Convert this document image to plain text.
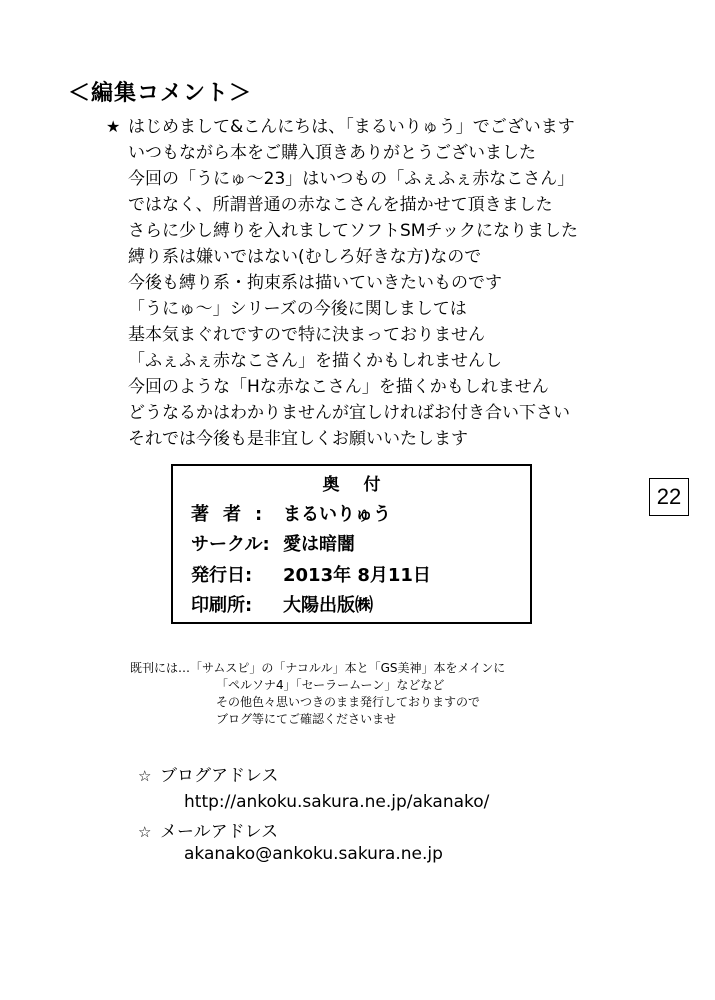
＜編集コメント＞
★ はじめまして&こんにちは、「まるいりゅう」でございます
いつもながら本をご購入頂きありがとうございました
今回の「うにゅ〜23」はいつもの「ふぇふぇ赤なこさん」
ではなく、所謂普通の赤なこさんを描かせて頂きました
さらに少し縛りを入れましてソフトSMチックになりました
縛り系は嫌いではない(むしろ好きな方)なので
今後も縛り系・拘束系は描いていきたいものです
「うにゅ〜」シリーズの今後に関しましては
基本気まぐれですので特に決まっておりません
「ふぇふぇ赤なこさん」を描くかもしれませんし
今回のような「Hな赤なこさん」を描くかもしれません
どうなるかはわかりませんが宜しければお付き合い下さい
それでは今後も是非宜しくお願いいたします
奥付
著者: まるいりゅう
サークル: 愛は暗闇
発行日: 2013年 8月11日
印刷所: 大陽出版㈱
22
既刊には…「サムスピ」の「ナコルル」本と「GS美神」本をメインに
「ペルソナ4」「セーラームーン」などなど
その他色々思いつきのまま発行しておりますので
ブログ等にてご確認くださいませ
☆ ブログアドレス
http://ankoku.sakura.ne.jp/akanako/
☆ メールアドレス
akanako@ankoku.sakura.ne.jp
